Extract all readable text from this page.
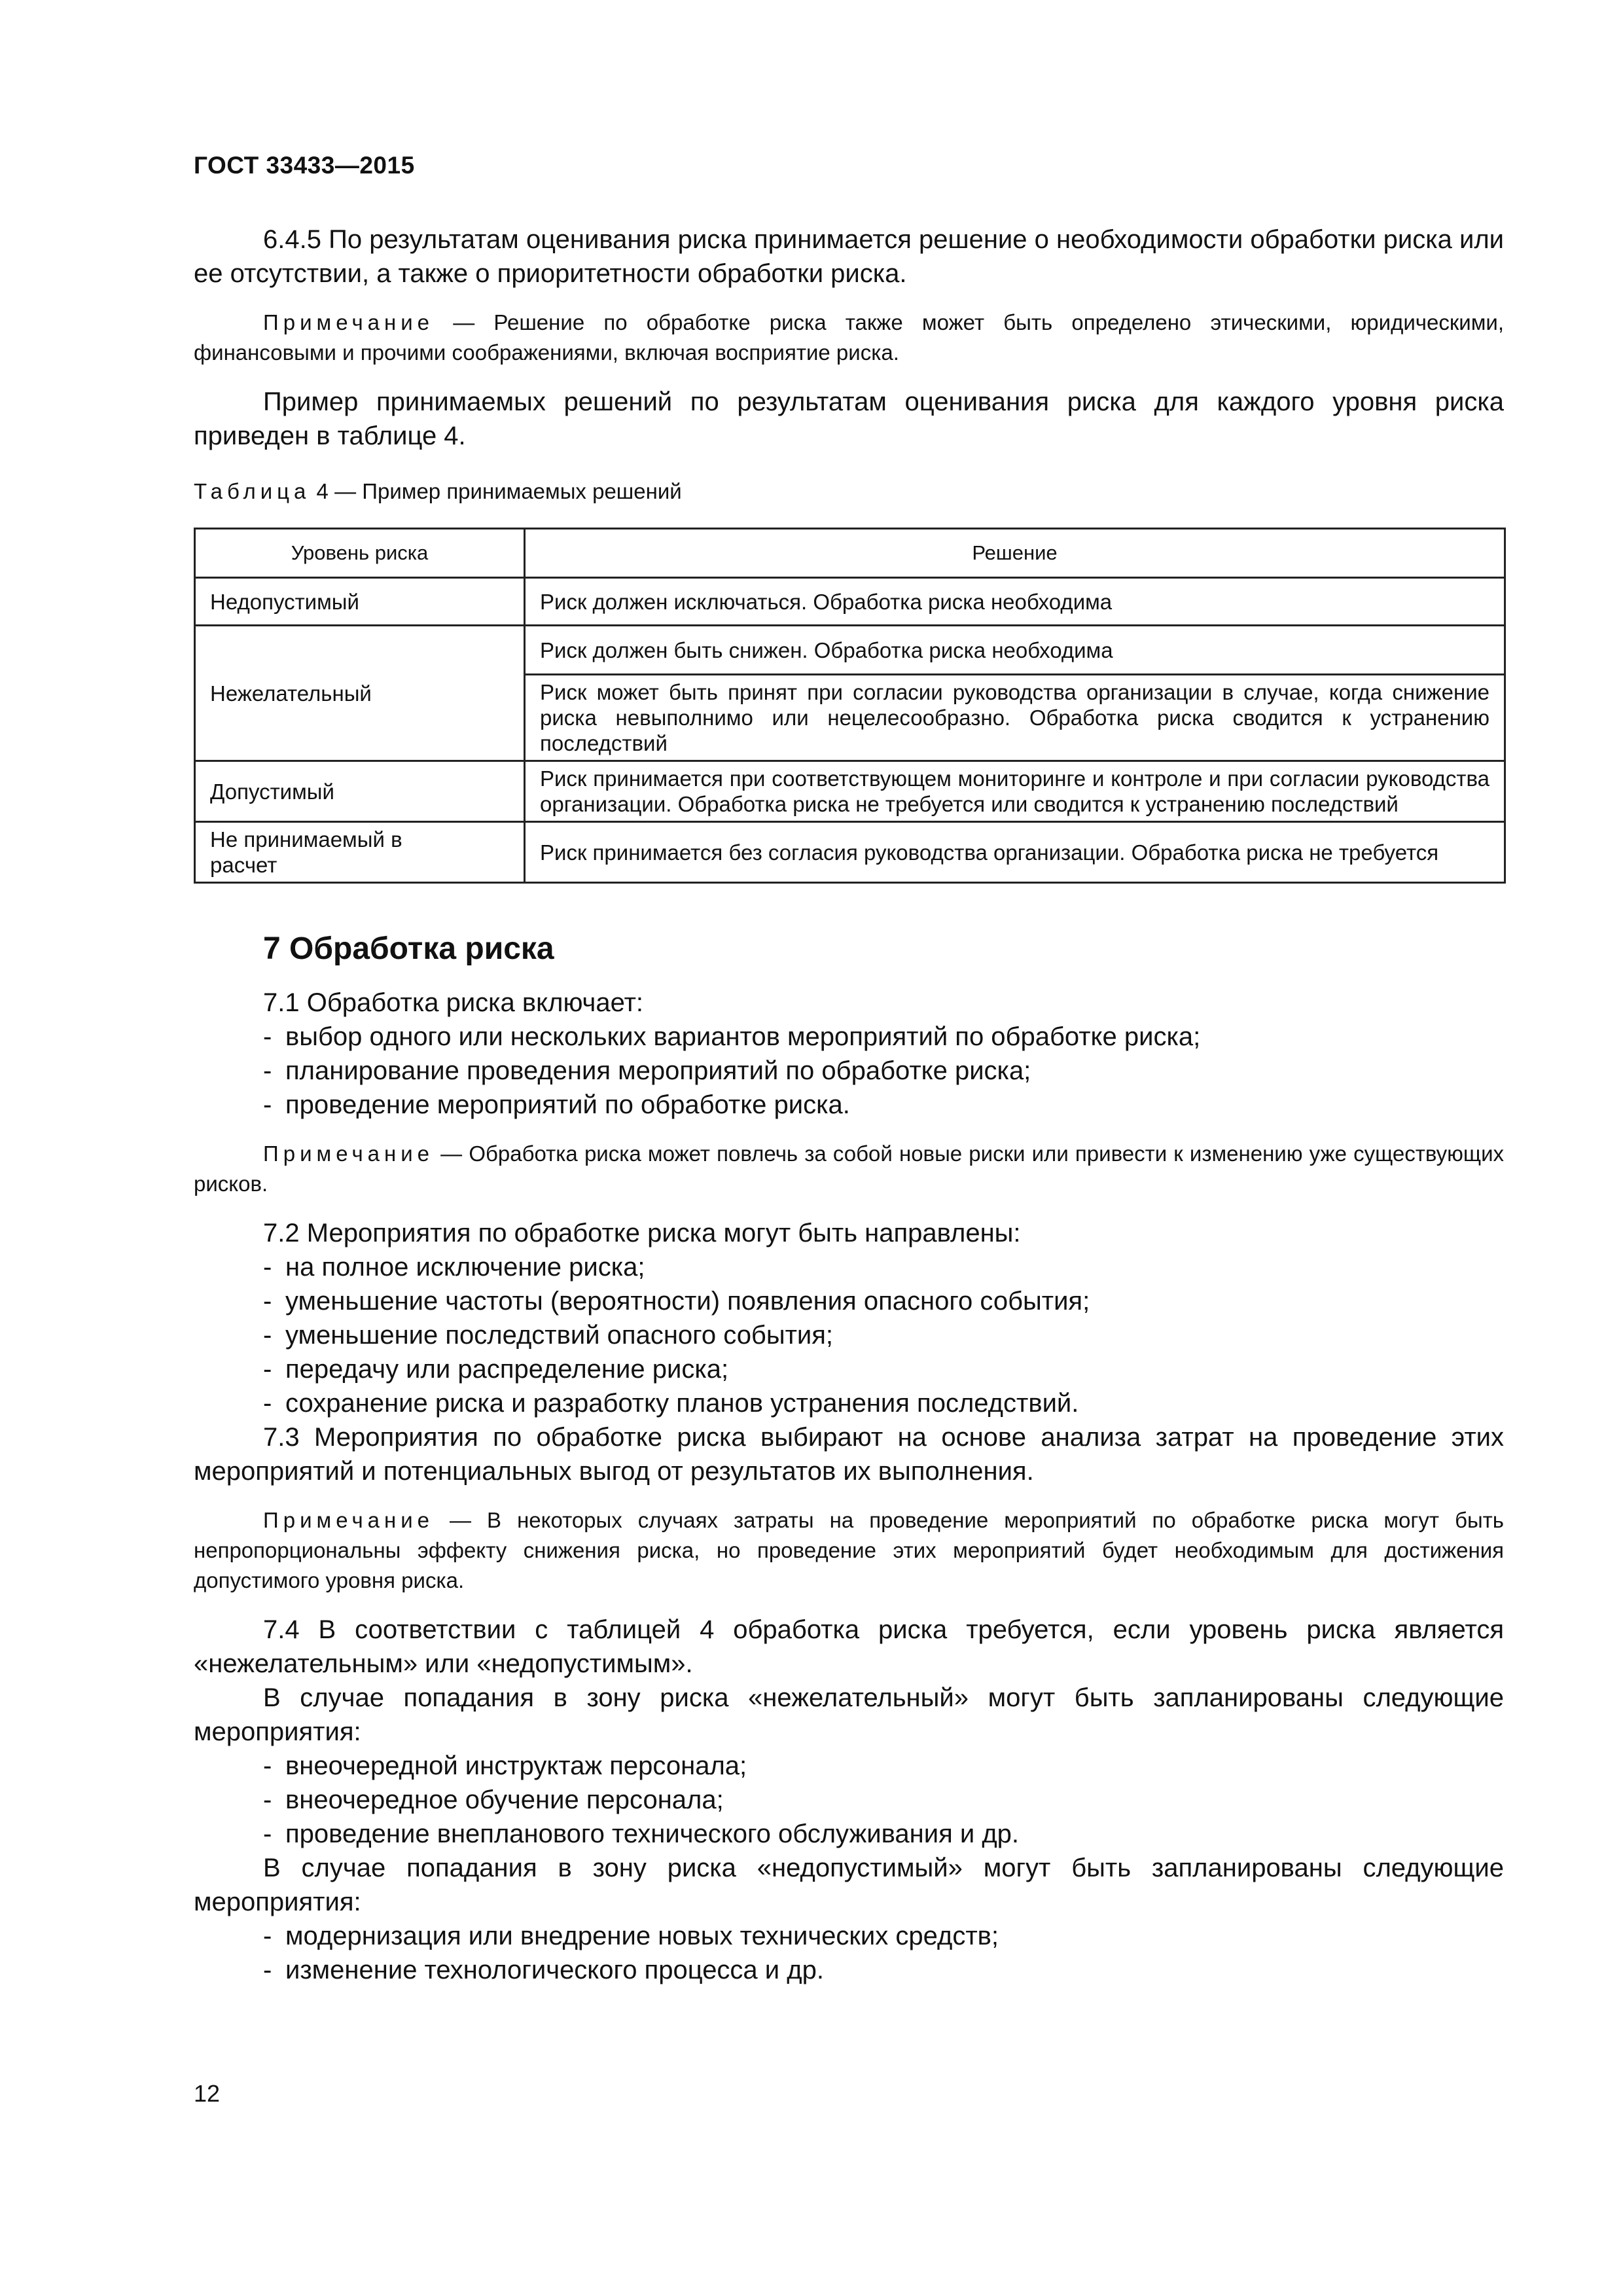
ГОСТ 33433—2015

6.4.5 По результатам оценивания риска принимается решение о необходимости обработки риска или ее отсутствии, а также о приоритетности обработки риска.

Примечание — Решение по обработке риска также может быть определено этическими, юридическими, финансовыми и прочими соображениями, включая восприятие риска.

Пример принимаемых решений по результатам оценивания риска для каждого уровня риска приведен в таблице 4.

Таблица 4 — Пример принимаемых решений

Уровень риска	Решение
Недопустимый	Риск должен исключаться. Обработка риска необходима
Нежелательный	Риск должен быть снижен. Обработка риска необходима
	Риск может быть принят при согласии руководства организации в случае, когда снижение риска невыполнимо или нецелесообразно. Обработка риска сводится к устранению последствий
Допустимый	Риск принимается при соответствующем мониторинге и контроле и при согласии руководства организации. Обработка риска не требуется или сводится к устранению последствий

Не принимаемый в расчет	Риск принимается без согласия руководства организации. Обработка риска не требуется
7 Обработка риска

7.1 Обработка риска включает:

- выбор одного или нескольких вариантов мероприятий по обработке риска;
- планирование проведения мероприятий по обработке риска;
- проведение мероприятий по обработке риска.

Примечание — Обработка риска может повлечь за собой новые риски или привести к изменению уже существующих рисков.

7.2 Мероприятия по обработке риска могут быть направлены:

- на полное исключение риска;
- уменьшение частоты (вероятности) появления опасного события;
- уменьшение последствий опасного события;
- передачу или распределение риска;
- сохранение риска и разработку планов устранения последствий.

7.3 Мероприятия по обработке риска выбирают на основе анализа затрат на проведение этих мероприятий и потенциальных выгод от результатов их выполнения.

Примечание — В некоторых случаях затраты на проведение мероприятий по обработке риска могут быть непропорциональны эффекту снижения риска, но проведение этих мероприятий будет необходимым для достижения допустимого уровня риска.

7.4 В соответствии с таблицей 4 обработка риска требуется, если уровень риска является «нежелательным» или «недопустимым».

В случае попадания в зону риска «нежелательный» могут быть запланированы следующие мероприятия:

- внеочередной инструктаж персонала;
- внеочередное обучение персонала;
- проведение внепланового технического обслуживания и др.

В случае попадания в зону риска «недопустимый» могут быть запланированы следующие мероприятия:

- модернизация или внедрение новых технических средств;
- изменение технологического процесса и др.
12
